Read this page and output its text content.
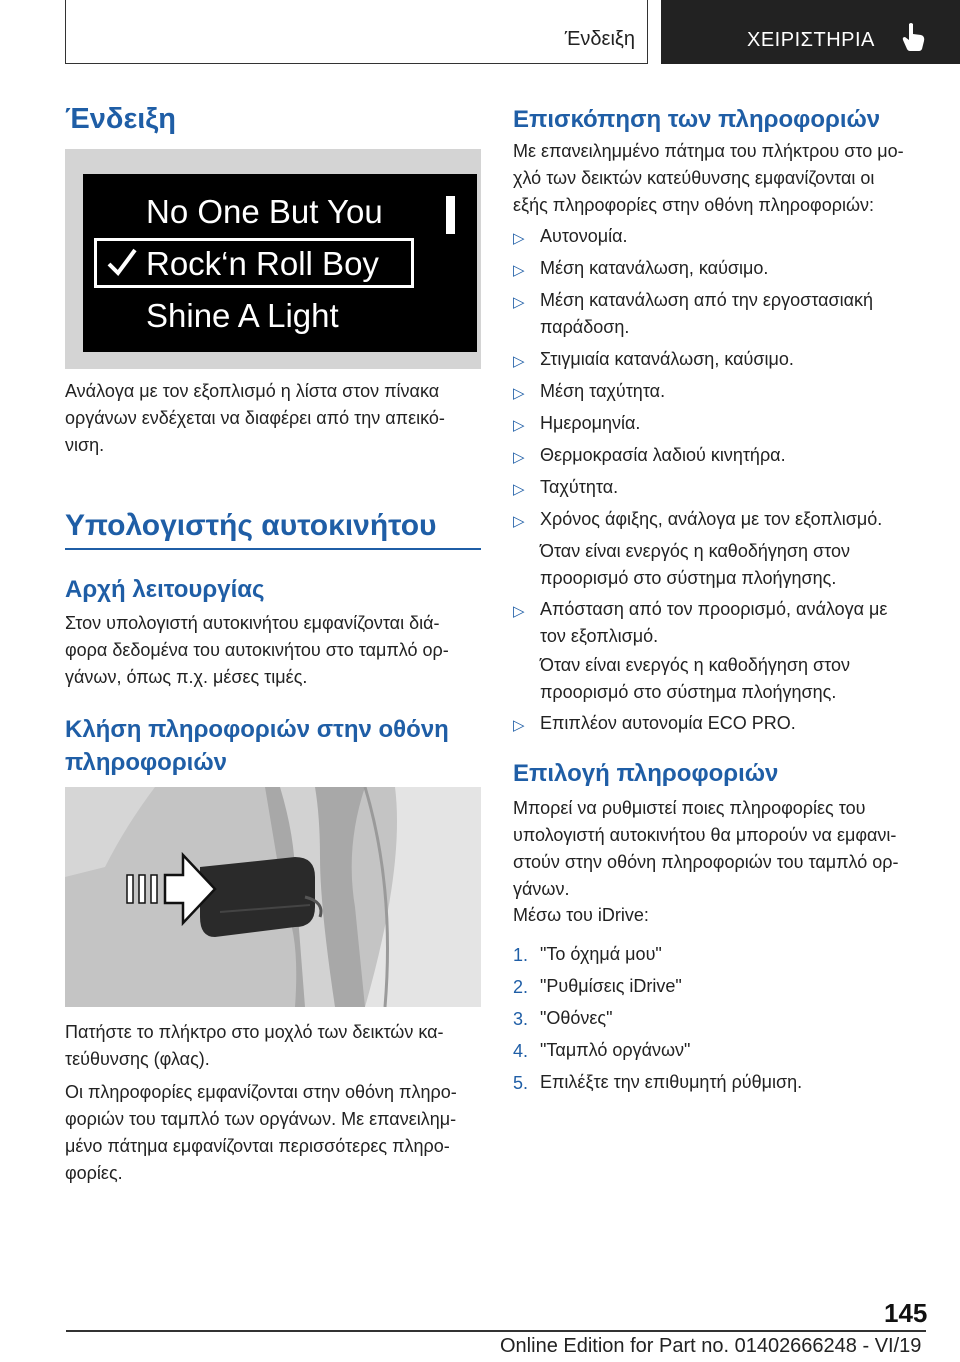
Ένδειξη	ΧΕΙΡΙΣΤΗΡΙΑ
Ένδειξη
No One But You
Rock‘n Roll Boy
Shine A Light
Ανάλογα με τον εξοπλισμό η λίστα στον πίνακα
οργάνων ενδέχεται να διαφέρει από την απεικό-
νιση.
Υπολογιστής αυτοκινήτου
Αρχή λειτουργίας
Στον υπολογιστή αυτοκινήτου εμφανίζονται διά-
φορα δεδομένα του αυτοκινήτου στο ταμπλό ορ-
γάνων, όπως π.χ. μέσες τιμές.
Κλήση πληροφοριών στην οθόνη
πληροφοριών
Πατήστε το πλήκτρο στο μοχλό των δεικτών κα-
τεύθυνσης (φλας).
Οι πληροφορίες εμφανίζονται στην οθόνη πληρο-
φοριών του ταμπλό των οργάνων. Με επανειλημ-
μένο πάτημα εμφανίζονται περισσότερες πληρο-
φορίες.
Επισκόπηση των πληροφοριών
Με επανειλημμένο πάτημα του πλήκτρου στο μο-
χλό των δεικτών κατεύθυνσης εμφανίζονται οι
εξής πληροφορίες στην οθόνη πληροφοριών:
▷ Αυτονομία.
▷ Μέση κατανάλωση, καύσιμο.
▷ Μέση κατανάλωση από την εργοστασιακή
παράδοση.
▷ Στιγμιαία κατανάλωση, καύσιμο.
▷ Μέση ταχύτητα.
▷ Ημερομηνία.
▷ Θερμοκρασία λαδιού κινητήρα.
▷ Ταχύτητα.
▷ Χρόνος άφιξης, ανάλογα με τον εξοπλισμό.
Όταν είναι ενεργός η καθοδήγηση στον
προορισμό στο σύστημα πλοήγησης.
▷ Απόσταση από τον προορισμό, ανάλογα με
τον εξοπλισμό.
Όταν είναι ενεργός η καθοδήγηση στον
προορισμό στο σύστημα πλοήγησης.
▷ Επιπλέον αυτονομία ECO PRO.
Επιλογή πληροφοριών
Μπορεί να ρυθμιστεί ποιες πληροφορίες του
υπολογιστή αυτοκινήτου θα μπορούν να εμφανι-
στούν στην οθόνη πληροφοριών του ταμπλό ορ-
γάνων.
Μέσω του iDrive:
1. "Το όχημά μου"
2. "Ρυθμίσεις iDrive"
3. "Οθόνες"
4. "Ταμπλό οργάνων"
5. Επιλέξτε την επιθυμητή ρύθμιση.
145
Online Edition for Part no. 01402666248 - VI/19
